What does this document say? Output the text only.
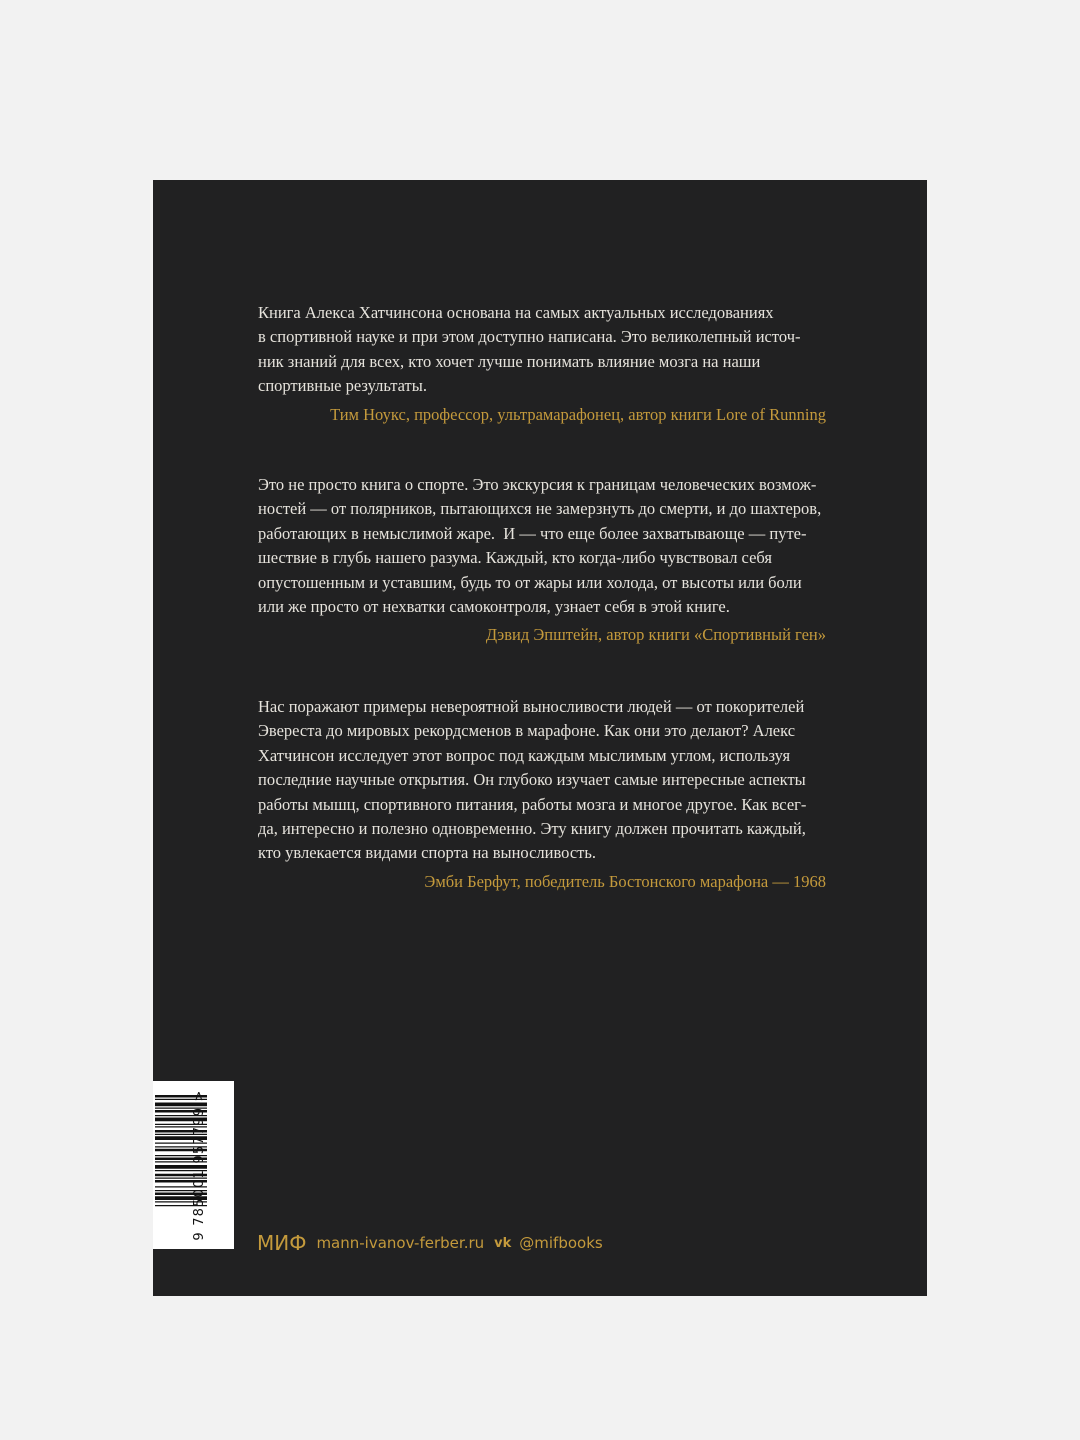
Книга Алекса Хатчинсона основана на самых актуальных исследованиях
в спортивной науке и при этом доступно написана. Это великолепный источ-
ник знаний для всех, кто хочет лучше понимать влияние мозга на наши
спортивные результаты.

Тим Ноукс, профессор, ультрамарафонец, автор книги Lore of Running

Это не просто книга о спорте. Это экскурсия к границам человеческих возмож-
ностей — от полярников, пытающихся не замерзнуть до смерти, и до шахтеров,
работающих в немыслимой жаре.  И — что еще более захватывающе — путе-
шествие в глубь нашего разума. Каждый, кто когда-либо чувствовал себя
опустошенным и уставшим, будь то от жары или холода, от высоты или боли
или же просто от нехватки самоконтроля, узнает себя в этой книге.

Дэвид Эпштейн, автор книги «Спортивный ген»

Нас поражают примеры невероятной выносливости людей — от покорителей
Эвереста до мировых рекордсменов в марафоне. Как они это делают? Алекс
Хатчинсон исследует этот вопрос под каждым мыслимым углом, используя
последние научные открытия. Он глубоко изучает самые интересные аспекты
работы мышц, спортивного питания, работы мозга и многое другое. Как всег-
да, интересно и полезно одновременно. Эту книгу должен прочитать каждый,
кто увлекается видами спорта на выносливость.

Эмби Берфут, победитель Бостонского марафона — 1968
9 785001 957799 >
МИФ mann-ivanov-ferber.ru vk @mifbooks
